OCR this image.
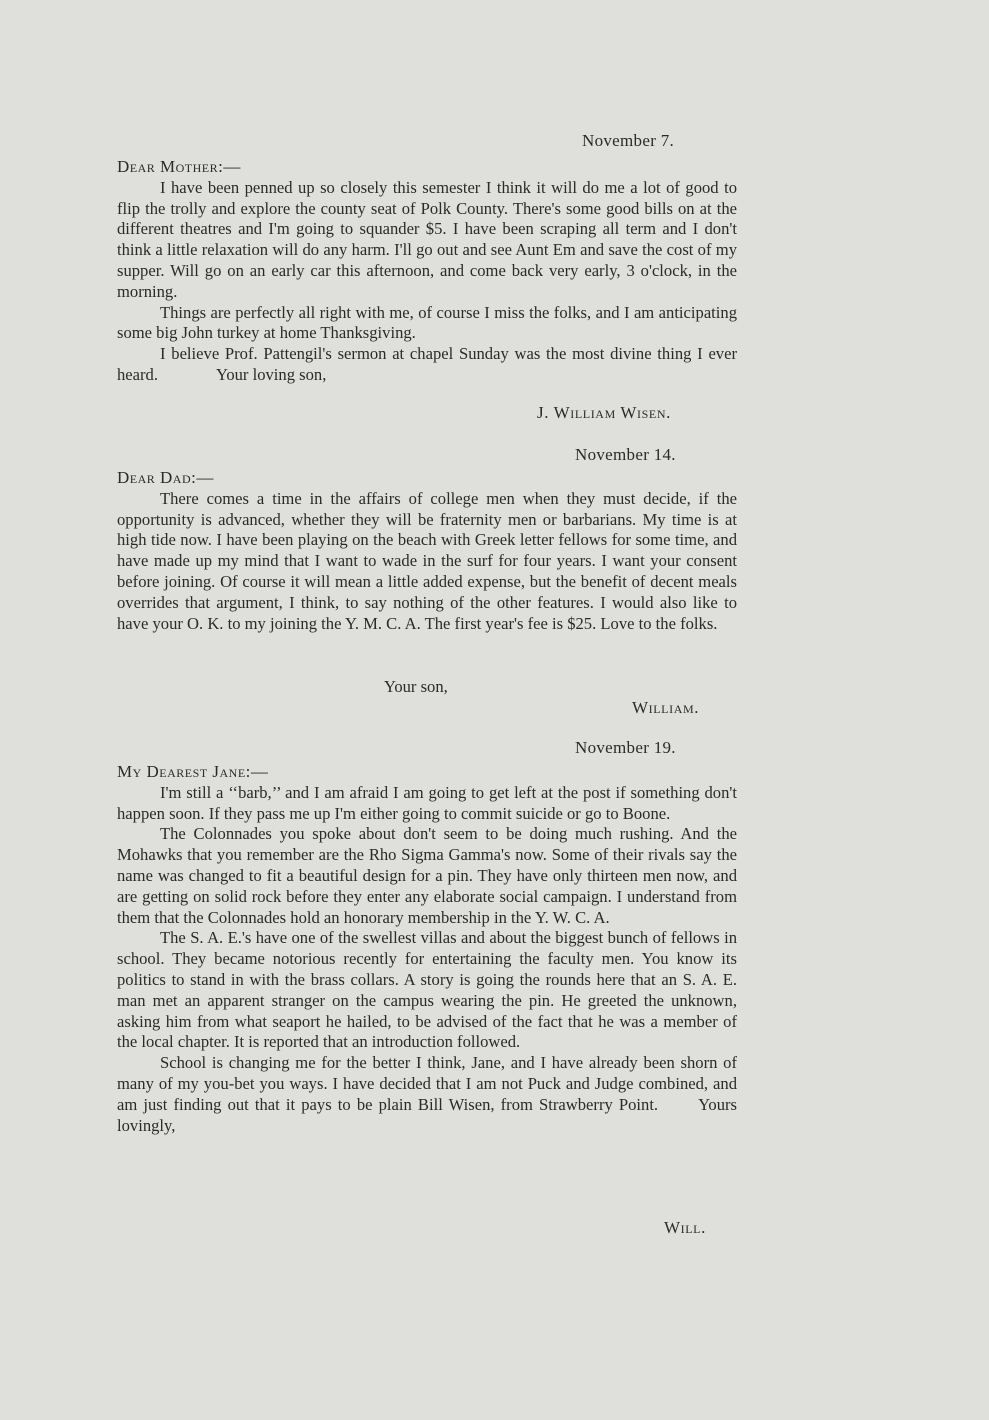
November 7.
Dear Mother:—

I have been penned up so closely this semester I think it will do me a lot of good to flip the trolly and explore the county seat of Polk County. There's some good bills on at the different theatres and I'm going to squander $5. I have been scraping all term and I don't think a little relaxation will do any harm. I'll go out and see Aunt Em and save the cost of my supper. Will go on an early car this afternoon, and come back very early, 3 o'clock, in the morning.

Things are perfectly all right with me, of course I miss the folks, and I am anticipating some big John turkey at home Thanksgiving.

I believe Prof. Pattengil's sermon at chapel Sunday was the most divine thing I ever heard.	Your loving son,

J. William Wisen.
November 14.
Dear Dad:—

There comes a time in the affairs of college men when they must decide, if the opportunity is advanced, whether they will be fraternity men or barbarians. My time is at high tide now. I have been playing on the beach with Greek letter fellows for some time, and have made up my mind that I want to wade in the surf for four years. I want your consent before joining. Of course it will mean a little added expense, but the benefit of decent meals overrides that argument, I think, to say nothing of the other features. I would also like to have your O. K. to my joining the Y. M. C. A. The first year's fee is $25. Love to the folks.

Your son,
William.
November 19.
My Dearest Jane:—

I'm still a ‘‘barb,’’ and I am afraid I am going to get left at the post if something don't happen soon. If they pass me up I'm either going to commit suicide or go to Boone.

The Colonnades you spoke about don't seem to be doing much rushing. And the Mohawks that you remember are the Rho Sigma Gamma's now. Some of their rivals say the name was changed to fit a beautiful design for a pin. They have only thirteen men now, and are getting on solid rock before they enter any elaborate social campaign. I understand from them that the Colonnades hold an honorary membership in the Y. W. C. A.

The S. A. E.'s have one of the swellest villas and about the biggest bunch of fellows in school. They became notorious recently for entertaining the faculty men. You know its politics to stand in with the brass collars. A story is going the rounds here that an S. A. E. man met an apparent stranger on the campus wearing the pin. He greeted the unknown, asking him from what seaport he hailed, to be advised of the fact that he was a member of the local chapter. It is reported that an introduction followed.

School is changing me for the better I think, Jane, and I have already been shorn of many of my you-bet you ways. I have decided that I am not Puck and Judge combined, and am just finding out that it pays to be plain Bill Wisen, from Strawberry Point. Yours lovingly,

Will.
